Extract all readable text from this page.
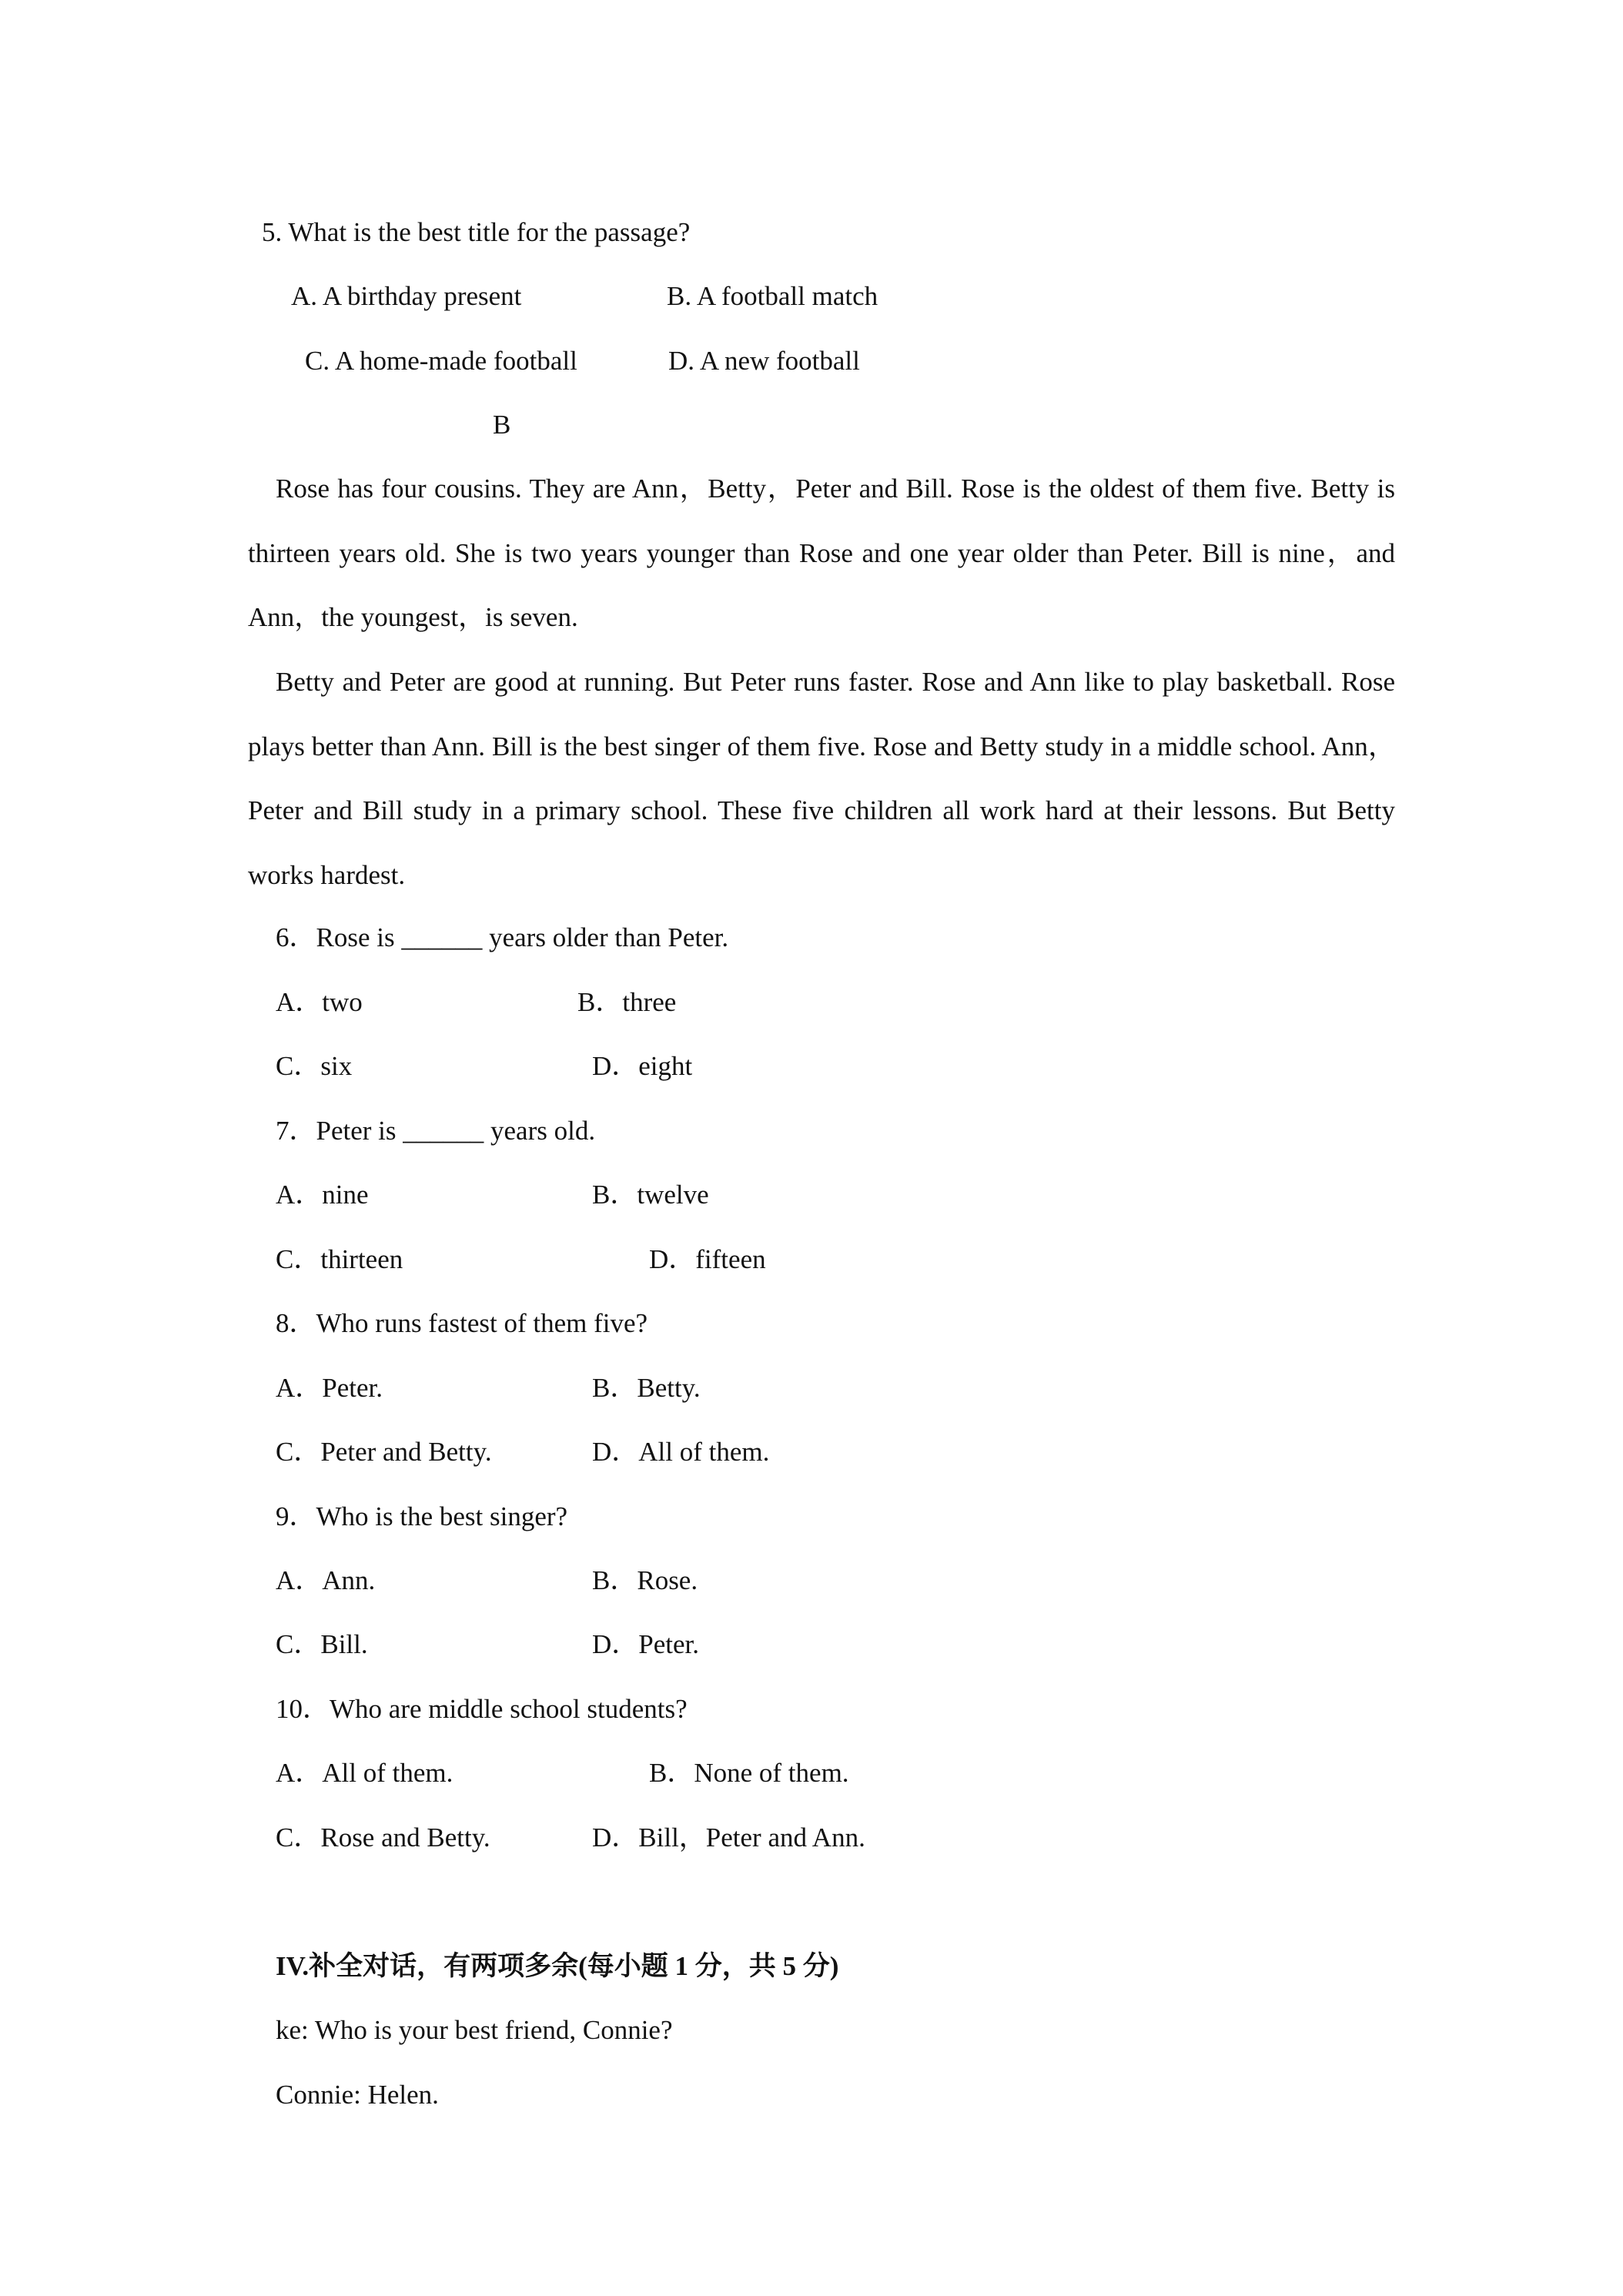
5. What is the best title for the passage?
A. A birthday present	B. A football match
C. A home-made football	D. A new football
B
Rose has four cousins. They are Ann，Betty，Peter and Bill. Rose is the oldest of them five. Betty is thirteen years old. She is two years younger than Rose and one year older than Peter. Bill is nine，and Ann，the youngest，is seven.
Betty and Peter are good at running. But Peter runs faster. Rose and Ann like to play basketball. Rose plays better than Ann. Bill is the best singer of them five. Rose and Betty study in a middle school. Ann，Peter and Bill study in a primary school. These five children all work hard at their lessons. But Betty works hardest.
6．Rose is ______ years older than Peter.
A．two	B．three
C．six	D．eight
7．Peter is ______ years old.
A．nine	B．twelve
C．thirteen	D．fifteen
8．Who runs fastest of them five?
A．Peter.	B．Betty.
C．Peter and Betty.	D．All of them.
9．Who is the best singer?
A．Ann.	B．Rose.
C．Bill.	D．Peter.
10．Who are middle school students?
A．All of them.	B．None of them.
C．Rose and Betty.	D．Bill，Peter and Ann.
IV.补全对话，有两项多余(每小题 1 分，共 5 分)
ke: Who is your best friend, Connie?
Connie: Helen.
